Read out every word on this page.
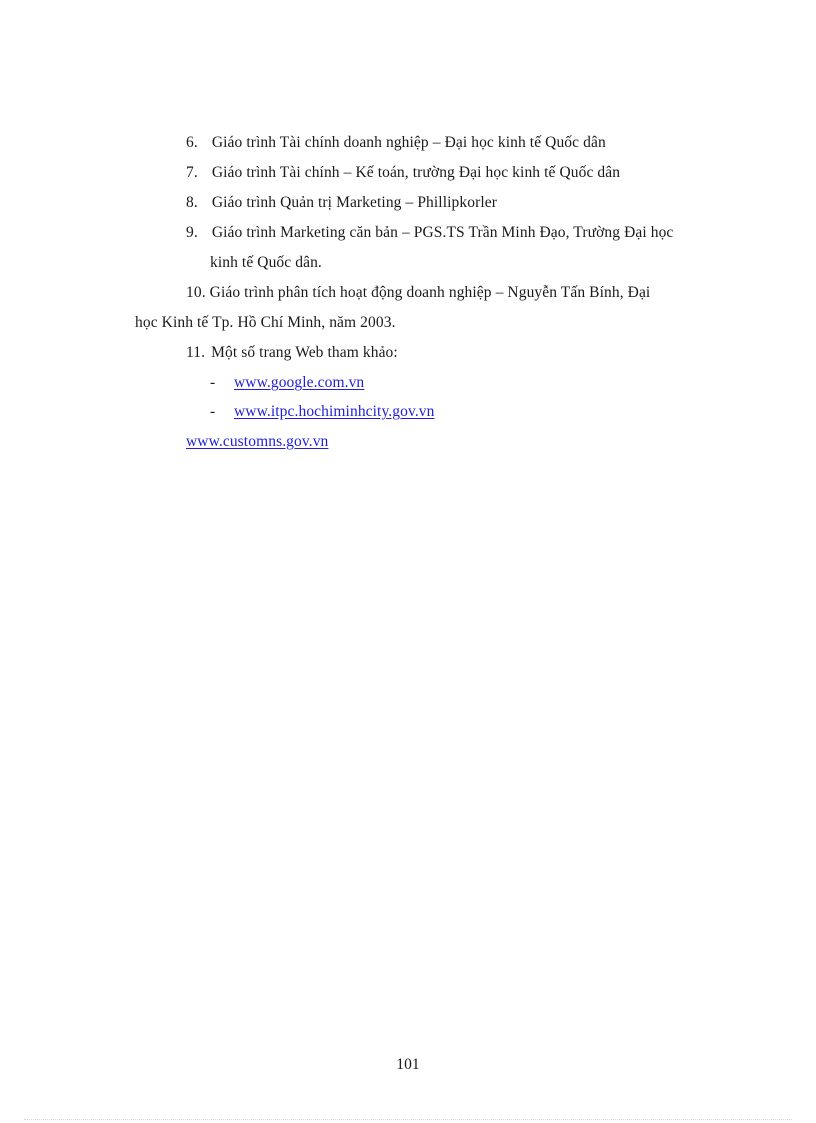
6. Giáo trình Tài chính doanh nghiệp – Đại học kinh tế Quốc dân
7. Giáo trình Tài chính – Kế toán, trường Đại học kinh tế Quốc dân
8. Giáo trình Quản trị Marketing – Phillipkorler
9. Giáo trình Marketing căn bản – PGS.TS Trần Minh Đạo, Trường Đại học
kinh tế Quốc dân.
10. Giáo trình phân tích hoạt động doanh nghiệp – Nguyễn Tấn Bính, Đại
học Kinh tế Tp. Hồ Chí Minh, năm 2003.
11. Một số trang Web tham khảo:
- www.google.com.vn
- www.itpc.hochiminhcity.gov.vn
www.customns.gov.vn
101
